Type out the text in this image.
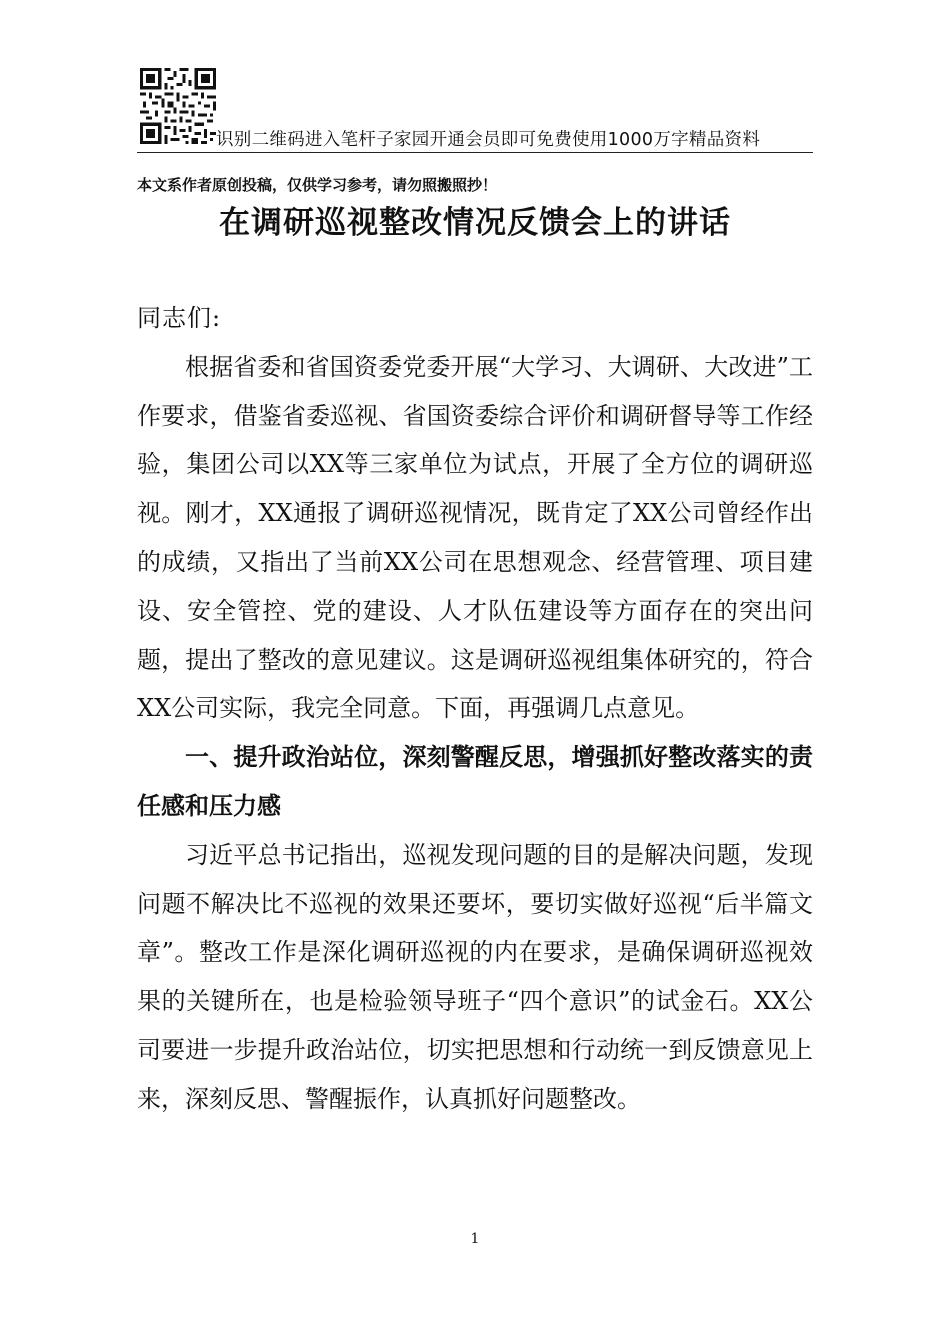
识别二维码进入笔杆子家园开通会员即可免费使用1000万字精品资料
本文系作者原创投稿，仅供学习参考，请勿照搬照抄！
在调研巡视整改情况反馈会上的讲话

同志们:

根据省委和省国资委党委开展“大学习、大调研、大改进”工作要求，借鉴省委巡视、省国资委综合评价和调研督导等工作经验，集团公司以XX等三家单位为试点，开展了全方位的调研巡视。刚才，XX通报了调研巡视情况，既肯定了XX公司曾经作出的成绩，又指出了当前XX公司在思想观念、经营管理、项目建设、安全管控、党的建设、人才队伍建设等方面存在的突出问题，提出了整改的意见建议。这是调研巡视组集体研究的，符合XX公司实际，我完全同意。下面，再强调几点意见。

一、提升政治站位，深刻警醒反思，增强抓好整改落实的责任感和压力感

习近平总书记指出，巡视发现问题的目的是解决问题，发现问题不解决比不巡视的效果还要坏，要切实做好巡视“后半篇文章”。整改工作是深化调研巡视的内在要求，是确保调研巡视效果的关键所在，也是检验领导班子“四个意识”的试金石。XX公司要进一步提升政治站位，切实把思想和行动统一到反馈意见上来，深刻反思、警醒振作，认真抓好问题整改。

1
